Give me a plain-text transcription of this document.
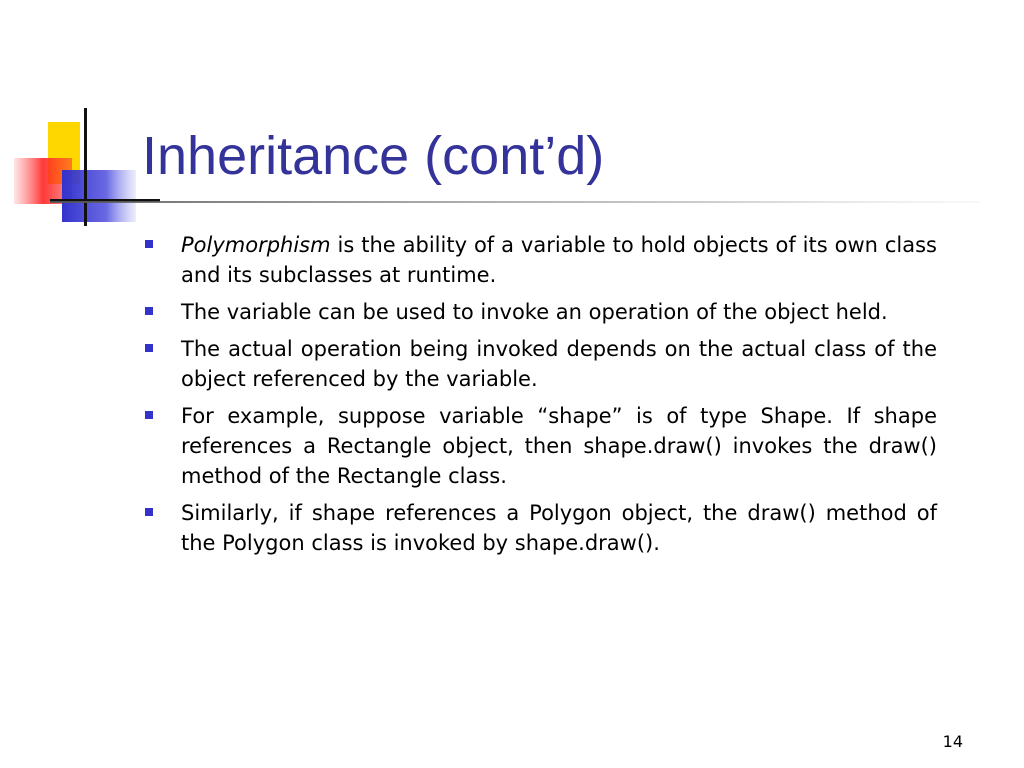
Inheritance (cont’d)
Polymorphism is the ability of a variable to hold objects of its own class and its subclasses at runtime.
The variable can be used to invoke an operation of the object held.
The actual operation being invoked depends on the actual class of the object referenced by the variable.
For example, suppose variable “shape” is of type Shape. If shape references a Rectangle object, then shape.draw() invokes the draw() method of the Rectangle class.
Similarly, if shape references a Polygon object, the draw() method of the Polygon class is invoked by shape.draw().
14
